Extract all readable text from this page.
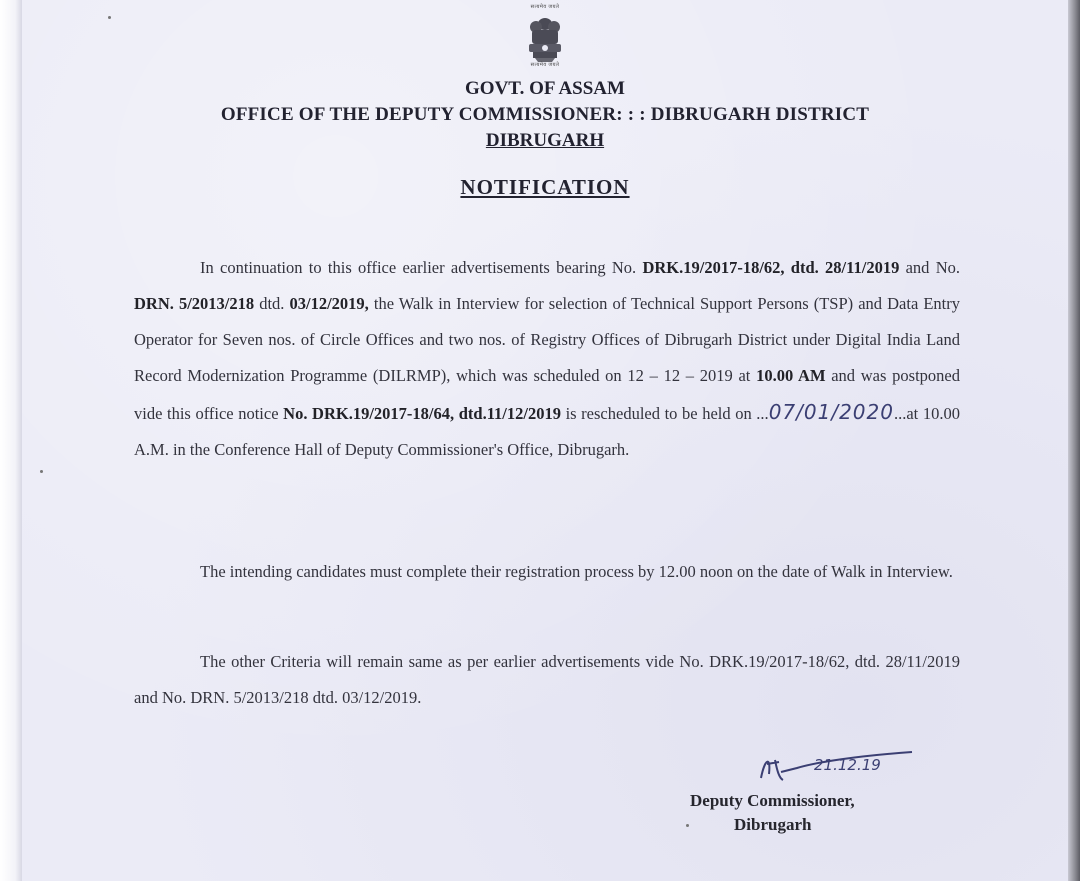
सत्यमेव जयते
सत्यमेव जयते
GOVT. OF ASSAM
OFFICE OF THE DEPUTY COMMISSIONER: : : DIBRUGARH DISTRICT
DIBRUGARH
NOTIFICATION
In continuation to this office earlier advertisements bearing No. DRK.19/2017-18/62, dtd. 28/11/2019 and No. DRN. 5/2013/218 dtd. 03/12/2019, the Walk in Interview for selection of Technical Support Persons (TSP) and Data Entry Operator for Seven nos. of Circle Offices and two nos. of Registry Offices of Dibrugarh District under Digital India Land Record Modernization Programme (DILRMP), which was scheduled on 12 – 12 – 2019 at 10.00 AM and was postponed vide this office notice No. DRK.19/2017-18/64, dtd.11/12/2019 is rescheduled to be held on ...07/01/2020...at 10.00 A.M. in the Conference Hall of Deputy Commissioner's Office, Dibrugarh.
The intending candidates must complete their registration process by 12.00 noon on the date of Walk in Interview.
The other Criteria will remain same as per earlier advertisements vide No. DRK.19/2017-18/62, dtd. 28/11/2019 and No. DRN. 5/2013/218 dtd. 03/12/2019.
21.12.19
Deputy Commissioner,
Dibrugarh
